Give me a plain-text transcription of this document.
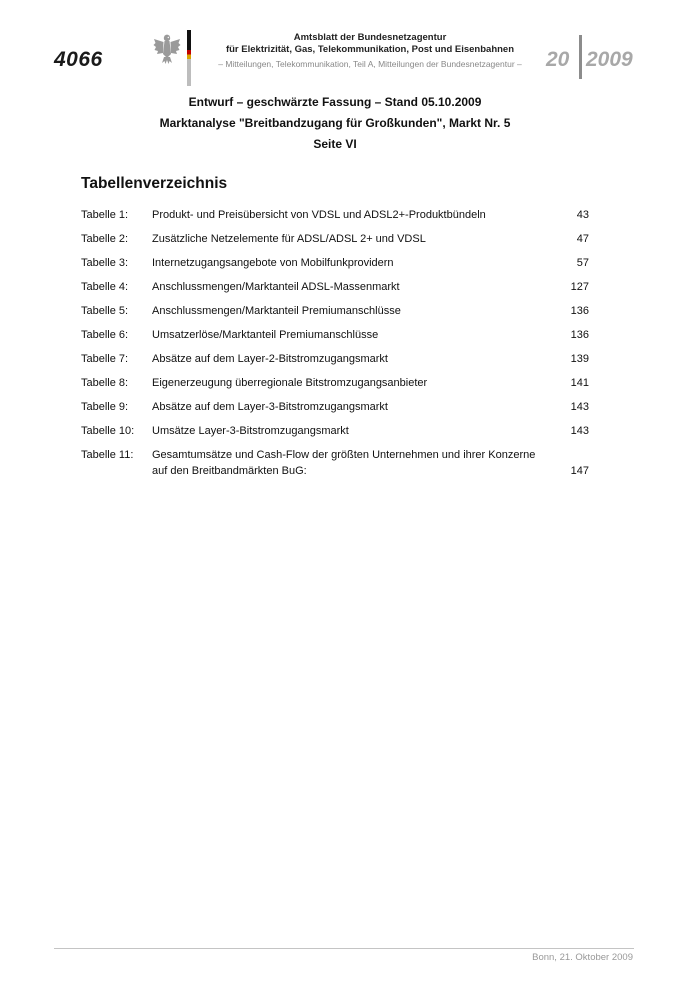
4066
Amtsblatt der Bundesnetzagentur
für Elektrizität, Gas, Telekommunikation, Post und Eisenbahnen
– Mitteilungen, Telekommunikation, Teil A, Mitteilungen der Bundesnetzagentur –	20 2009
Entwurf – geschwärzte Fassung – Stand 05.10.2009
Marktanalyse "Breitbandzugang für Großkunden", Markt Nr. 5
Seite VI
Tabellenverzeichnis
Tabelle 1: Produkt- und Preisübersicht von VDSL und ADSL2+-Produktbündeln	43
Tabelle 2: Zusätzliche Netzelemente für ADSL/ADSL 2+ und VDSL	47
Tabelle 3: Internetzugangsangebote von Mobilfunkprovidern	57
Tabelle 4: Anschlussmengen/Marktanteil ADSL-Massenmarkt	127
Tabelle 5: Anschlussmengen/Marktanteil Premiumanschlüsse	136
Tabelle 6: Umsatzerlöse/Marktanteil Premiumanschlüsse	136
Tabelle 7: Absätze auf dem Layer-2-Bitstromzugangsmarkt	139
Tabelle 8: Eigenerzeugung überregionale Bitstromzugangsanbieter	141
Tabelle 9: Absätze auf dem Layer-3-Bitstromzugangsmarkt	143
Tabelle 10: Umsätze Layer-3-Bitstromzugangsmarkt	143
Tabelle 11: Gesamtumsätze und Cash-Flow der größten Unternehmen und ihrer Konzerne auf den Breitbandmärkten BuG:	147
Bonn, 21. Oktober 2009
